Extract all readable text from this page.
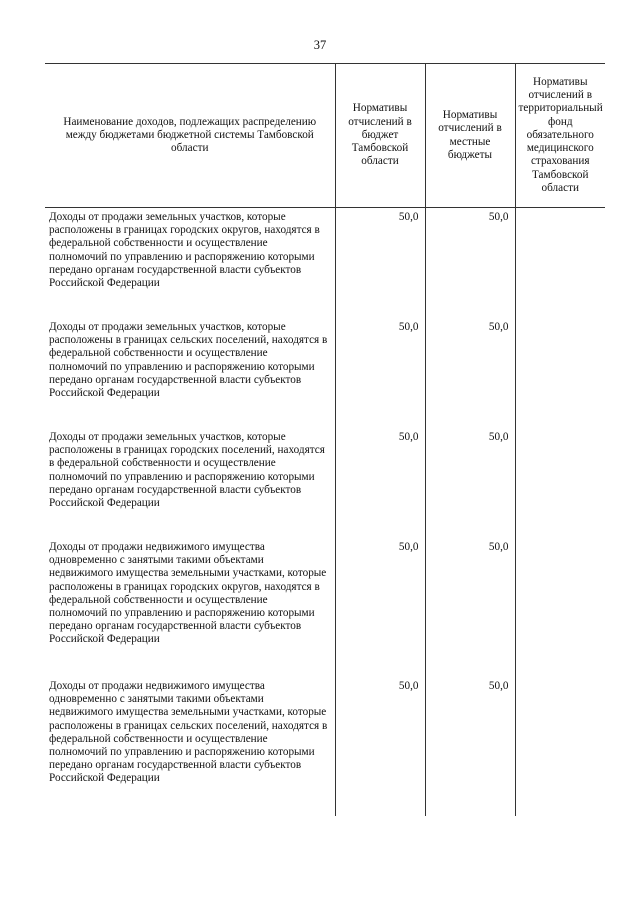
37
Наименование доходов, подлежащих распределению между бюджетами бюджетной системы Тамбовской области	Нормативы отчислений в бюджет Тамбовской области	Нормативы отчислений в местные бюджеты	Нормативы отчислений в территориальный фонд обязательного медицинского страхования Тамбовской области
Доходы от продажи земельных участков, которые расположены в границах городских округов, находятся в федеральной собственности и осуществление полномочий по управлению и распоряжению которыми передано органам государственной власти субъектов Российской Федерации	50,0	50,0	
Доходы от продажи земельных участков, которые расположены в границах сельских поселений, находятся в федеральной собственности и осуществление полномочий по управлению и распоряжению которыми передано органам государственной власти субъектов Российской Федерации	50,0	50,0	
Доходы от продажи земельных участков, которые расположены в границах городских поселений, находятся в федеральной собственности и осуществление полномочий по управлению и распоряжению которыми передано органам государственной власти субъектов Российской Федерации	50,0	50,0	
Доходы от продажи недвижимого имущества одновременно с занятыми такими объектами недвижимого имущества земельными участками, которые расположены в границах городских округов, находятся в федеральной собственности и осуществление полномочий по управлению и распоряжению которыми передано органам государственной власти субъектов Российской Федерации	50,0	50,0	
Доходы от продажи недвижимого имущества одновременно с занятыми такими объектами недвижимого имущества земельными участками, которые расположены в границах сельских поселений, находятся в федеральной собственности и осуществление полномочий по управлению и распоряжению которыми передано органам государственной власти субъектов Российской Федерации	50,0	50,0	
